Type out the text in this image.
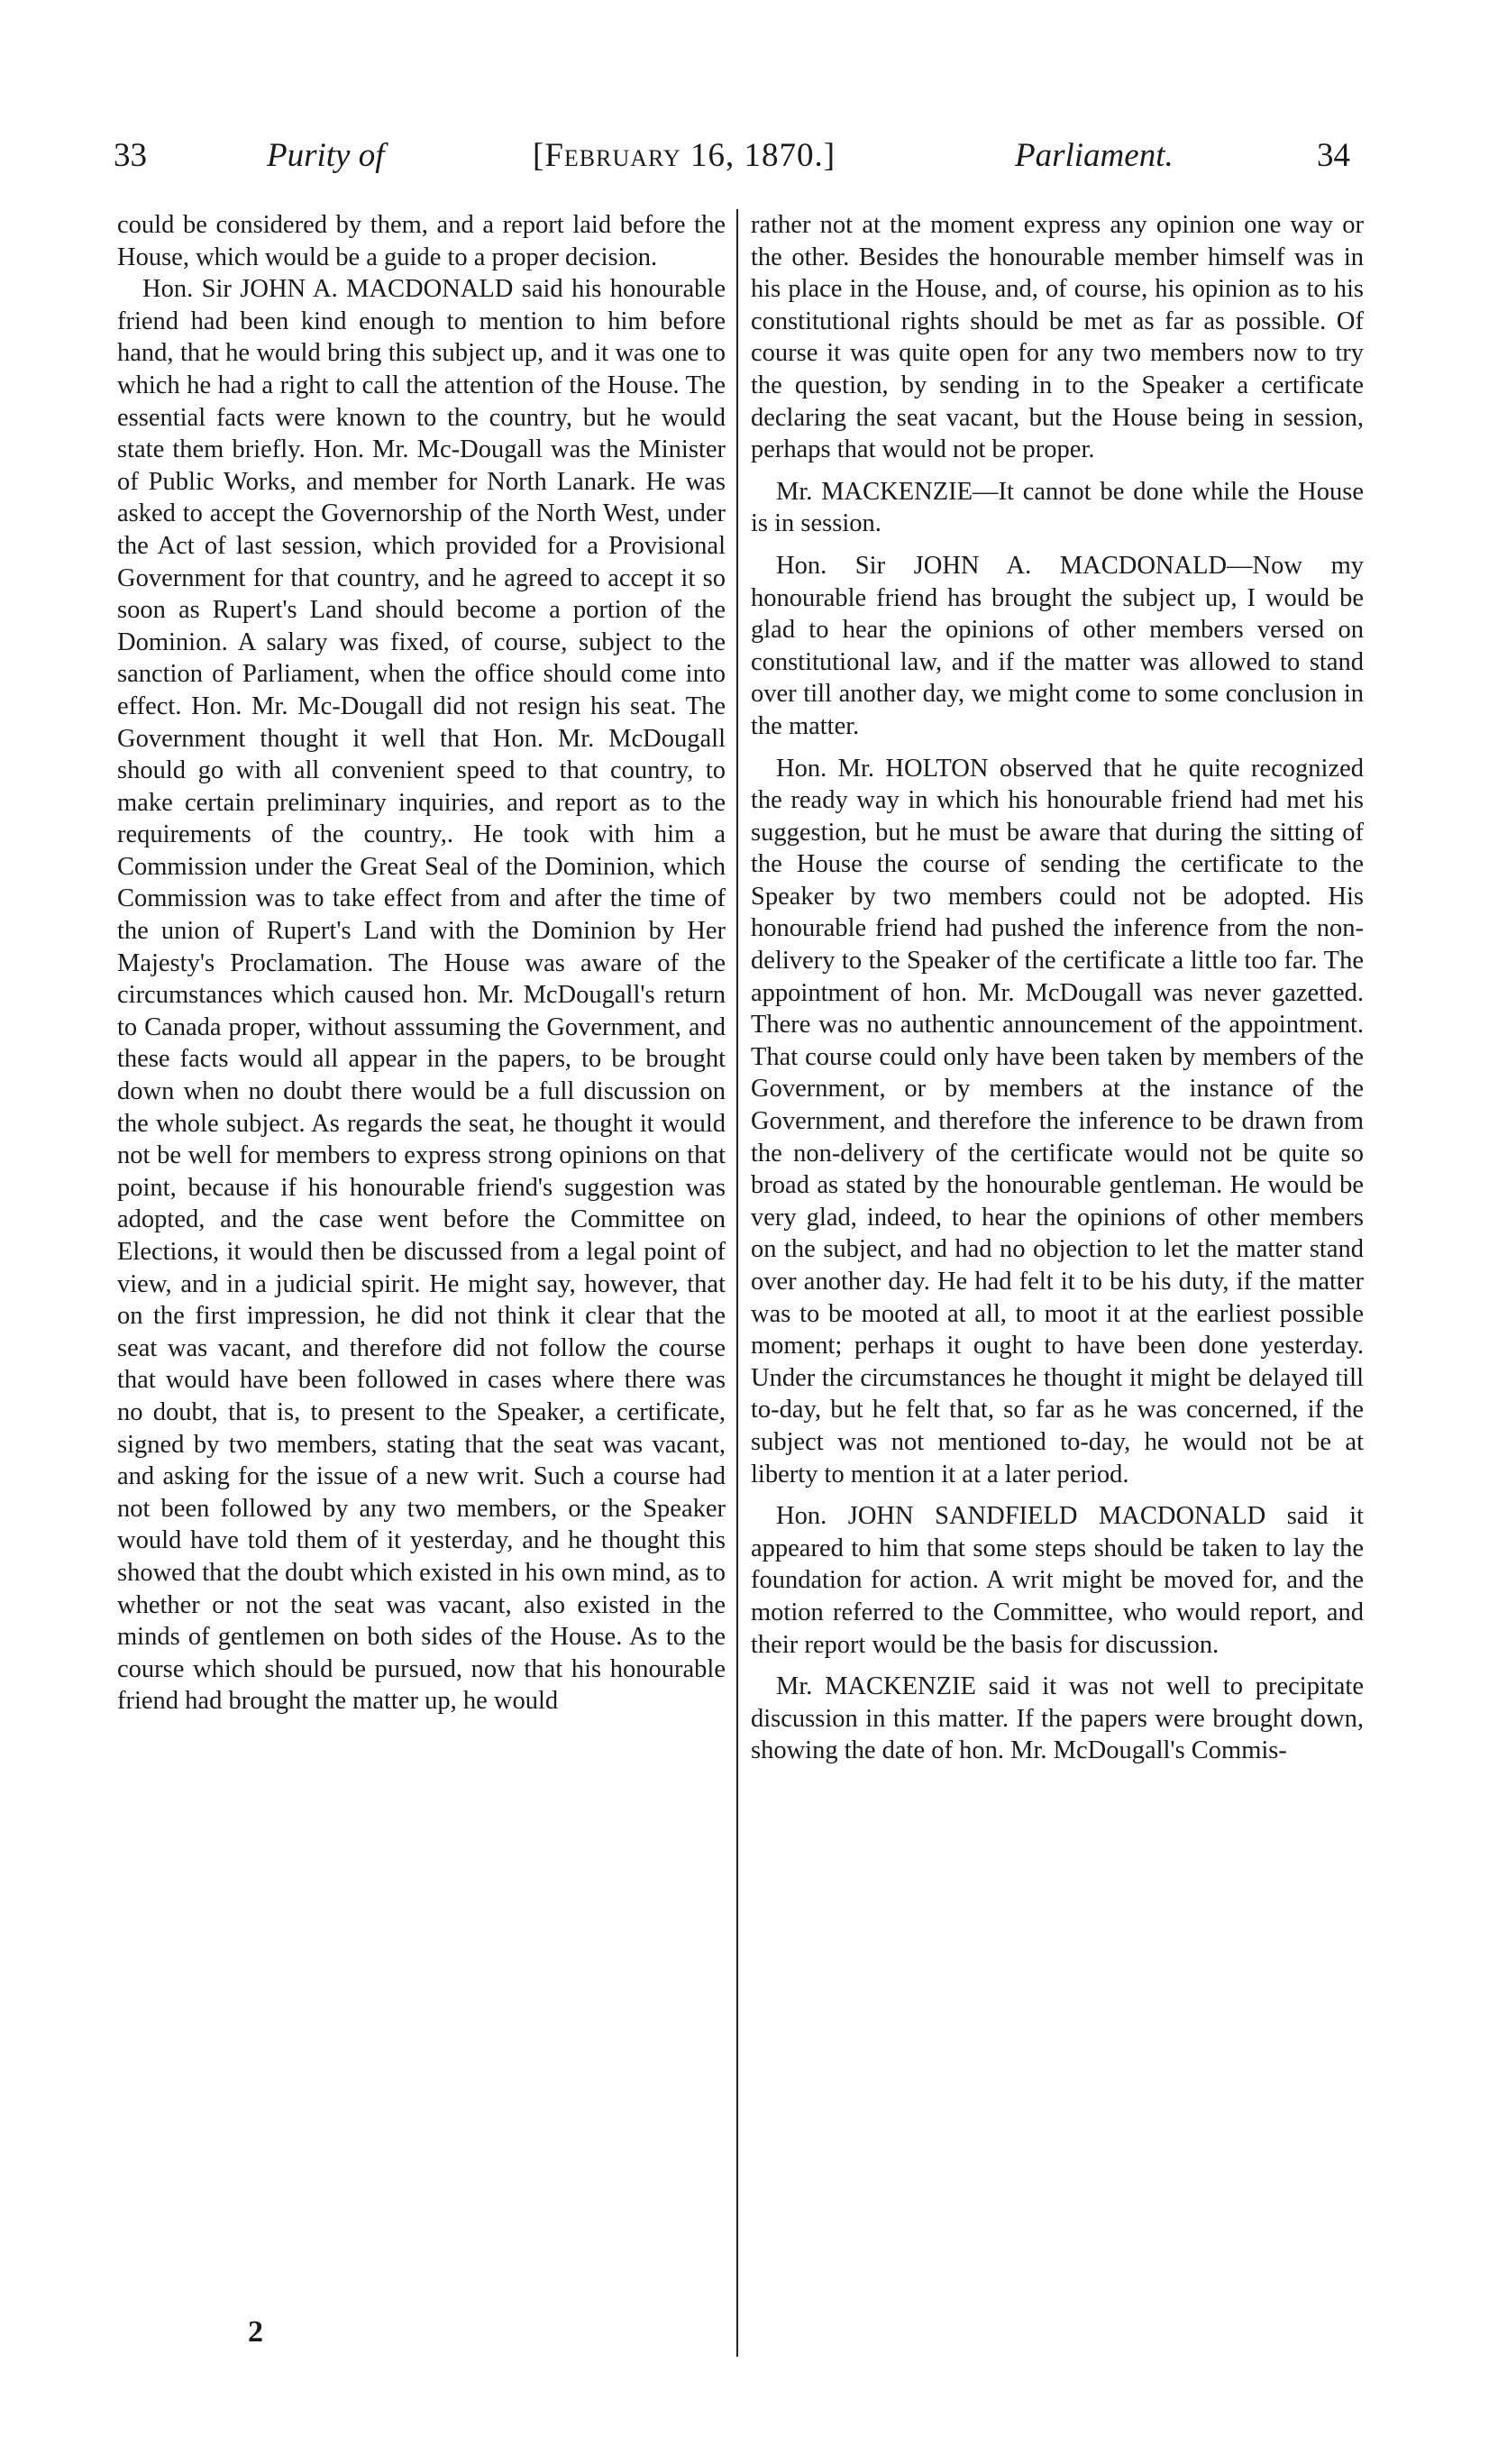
33	Purity of	[February 16, 1870.]	Parliament.	34

could be considered by them, and a report laid before the House, which would be a guide to a proper decision.

Hon. Sir JOHN A. MACDONALD said his honourable friend had been kind enough to mention to him before hand, that he would bring this subject up, and it was one to which he had a right to call the attention of the House. The essential facts were known to the country, but he would state them briefly. Hon. Mr. Mc-Dougall was the Minister of Public Works, and member for North Lanark. He was asked to accept the Governorship of the North West, under the Act of last session, which provided for a Provisional Government for that country, and he agreed to accept it so soon as Rupert's Land should become a portion of the Dominion. A salary was fixed, of course, subject to the sanction of Parliament, when the office should come into effect. Hon. Mr. Mc-Dougall did not resign his seat. The Government thought it well that Hon. Mr. McDougall should go with all convenient speed to that country, to make certain preliminary inquiries, and report as to the requirements of the country,. He took with him a Commission under the Great Seal of the Dominion, which Commission was to take effect from and after the time of the union of Rupert's Land with the Dominion by Her Majesty's Proclamation. The House was aware of the circumstances which caused hon. Mr. McDougall's return to Canada proper, without asssuming the Government, and these facts would all appear in the papers, to be brought down when no doubt there would be a full discussion on the whole subject. As regards the seat, he thought it would not be well for members to express strong opinions on that point, because if his honourable friend's suggestion was adopted, and the case went before the Committee on Elections, it would then be discussed from a legal point of view, and in a judicial spirit. He might say, however, that on the first impression, he did not think it clear that the seat was vacant, and therefore did not follow the course that would have been followed in cases where there was no doubt, that is, to present to the Speaker, a certificate, signed by two members, stating that the seat was vacant, and asking for the issue of a new writ. Such a course had not been followed by any two members, or the Speaker would have told them of it yesterday, and he thought this showed that the doubt which existed in his own mind, as to whether or not the seat was vacant, also existed in the minds of gentlemen on both sides of the House. As to the course which should be pursued, now that his honourable friend had brought the matter up, he would

rather not at the moment express any opinion one way or the other. Besides the honourable member himself was in his place in the House, and, of course, his opinion as to his constitutional rights should be met as far as possible. Of course it was quite open for any two members now to try the question, by sending in to the Speaker a certificate declaring the seat vacant, but the House being in session, perhaps that would not be proper.

Mr. MACKENZIE—It cannot be done while the House is in session.

Hon. Sir JOHN A. MACDONALD—Now my honourable friend has brought the subject up, I would be glad to hear the opinions of other members versed on constitutional law, and if the matter was allowed to stand over till another day, we might come to some conclusion in the matter.

Hon. Mr. HOLTON observed that he quite recognized the ready way in which his honourable friend had met his suggestion, but he must be aware that during the sitting of the House the course of sending the certificate to the Speaker by two members could not be adopted. His honourable friend had pushed the inference from the non-delivery to the Speaker of the certificate a little too far. The appointment of hon. Mr. McDougall was never gazetted. There was no authentic announcement of the appointment. That course could only have been taken by members of the Government, or by members at the instance of the Government, and therefore the inference to be drawn from the non-delivery of the certificate would not be quite so broad as stated by the honourable gentleman. He would be very glad, indeed, to hear the opinions of other members on the subject, and had no objection to let the matter stand over another day. He had felt it to be his duty, if the matter was to be mooted at all, to moot it at the earliest possible moment; perhaps it ought to have been done yesterday. Under the circumstances he thought it might be delayed till to-day, but he felt that, so far as he was concerned, if the subject was not mentioned to-day, he would not be at liberty to mention it at a later period.

Hon. JOHN SANDFIELD MACDONALD said it appeared to him that some steps should be taken to lay the foundation for action. A writ might be moved for, and the motion referred to the Committee, who would report, and their report would be the basis for discussion.

Mr. MACKENZIE said it was not well to precipitate discussion in this matter. If the papers were brought down, showing the date of hon. Mr. McDougall's Commis-

2
